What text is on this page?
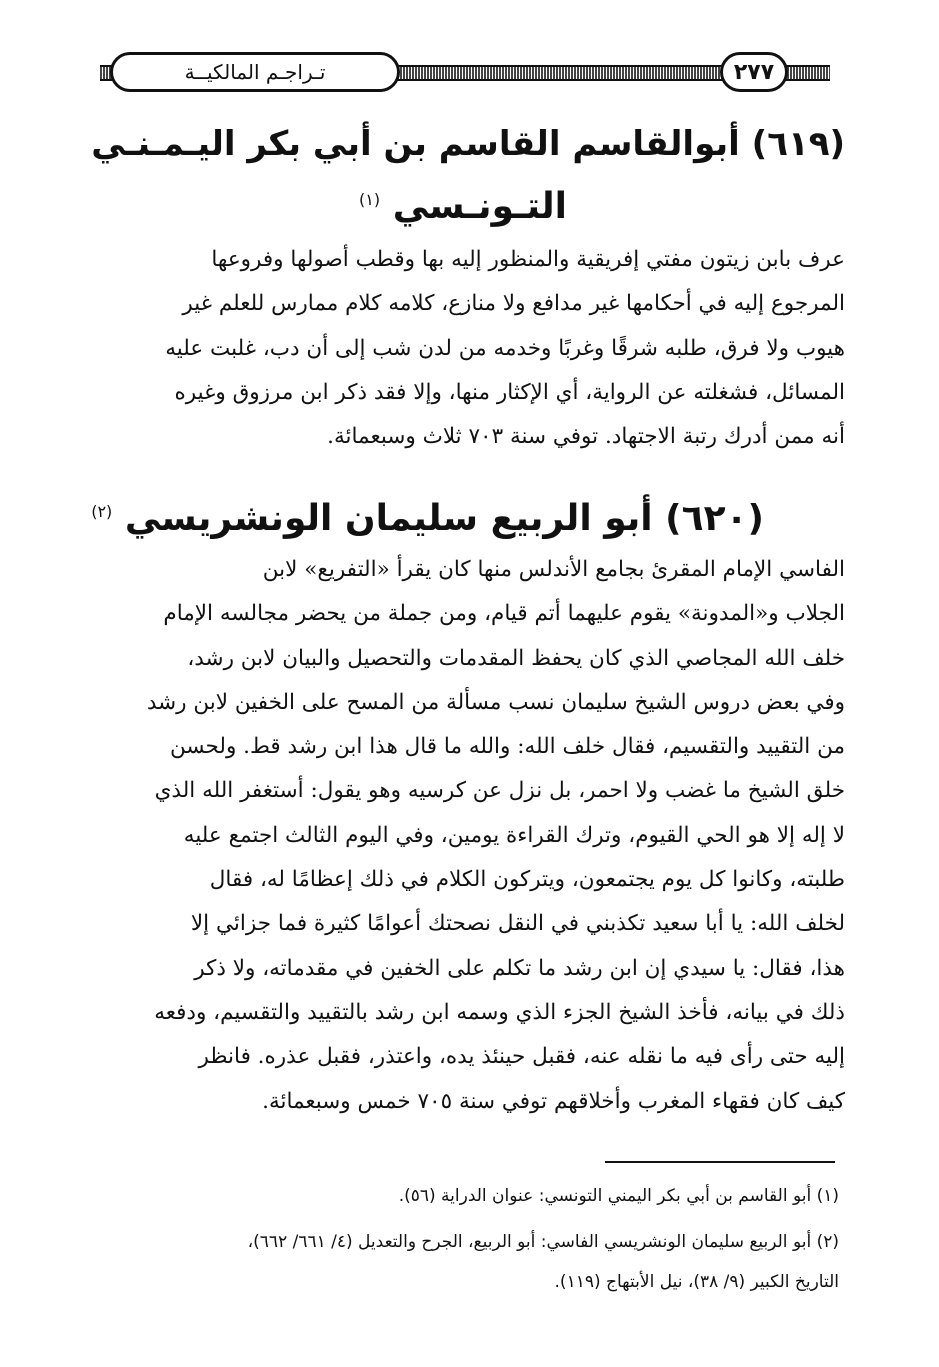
تـراجـم المالكيــة	٢٧٧
(٦١٩) أبوالقاسم القاسم بن أبي بكر اليـمـنـي
التـونـسي $^{(١)}$
عرف بابن زيتون مفتي إفريقية والمنظور إليه بها وقطب أصولها وفروعها
المرجوع إليه في أحكامها غير مدافع ولا منازع، كلامه كلام ممارس للعلم غير
هيوب ولا فرق، طلبه شرقًا وغربًا وخدمه من لدن شب إلى أن دب، غلبت عليه
المسائل، فشغلته عن الرواية، أي الإكثار منها، وإلا فقد ذكر ابن مرزوق وغيره
أنه ممن أدرك رتبة الاجتهاد. توفي سنة ٧٠٣ ثلاث وسبعمائة.
(٦٢٠) أبو الربيع سليمان الونشريسي $^{(٢)}$
الفاسي الإمام المقرئ بجامع الأندلس منها كان يقرأ «التفريع» لابن
الجلاب و«المدونة» يقوم عليهما أتم قيام، ومن جملة من يحضر مجالسه الإمام
خلف الله المجاصي الذي كان يحفظ المقدمات والتحصيل والبيان لابن رشد،
وفي بعض دروس الشيخ سليمان نسب مسألة من المسح على الخفين لابن رشد
من التقييد والتقسيم، فقال خلف الله: والله ما قال هذا ابن رشد قط. ولحسن
خلق الشيخ ما غضب ولا احمر، بل نزل عن كرسيه وهو يقول: أستغفر الله الذي
لا إله إلا هو الحي القيوم، وترك القراءة يومين، وفي اليوم الثالث اجتمع عليه
طلبته، وكانوا كل يوم يجتمعون، ويتركون الكلام في ذلك إعظامًا له، فقال
لخلف الله: يا أبا سعيد تكذبني في النقل نصحتك أعوامًا كثيرة فما جزائي إلا
هذا، فقال: يا سيدي إن ابن رشد ما تكلم على الخفين في مقدماته، ولا ذكر
ذلك في بيانه، فأخذ الشيخ الجزء الذي وسمه ابن رشد بالتقييد والتقسيم، ودفعه
إليه حتى رأى فيه ما نقله عنه، فقبل حينئذ يده، واعتذر، فقبل عذره. فانظر
كيف كان فقهاء المغرب وأخلاقهم توفي سنة ٧٠٥ خمس وسبعمائة.
(١) أبو القاسم بن أبي بكر اليمني التونسي: عنوان الدراية (٥٦).
(٢) أبو الربيع سليمان الونشريسي الفاسي: أبو الربيع، الجرح والتعديل (٤/ ٦٦١/ ٦٦٢)،
التاريخ الكبير (٩/ ٣٨)، نيل الأبتهاج (١١٩).
